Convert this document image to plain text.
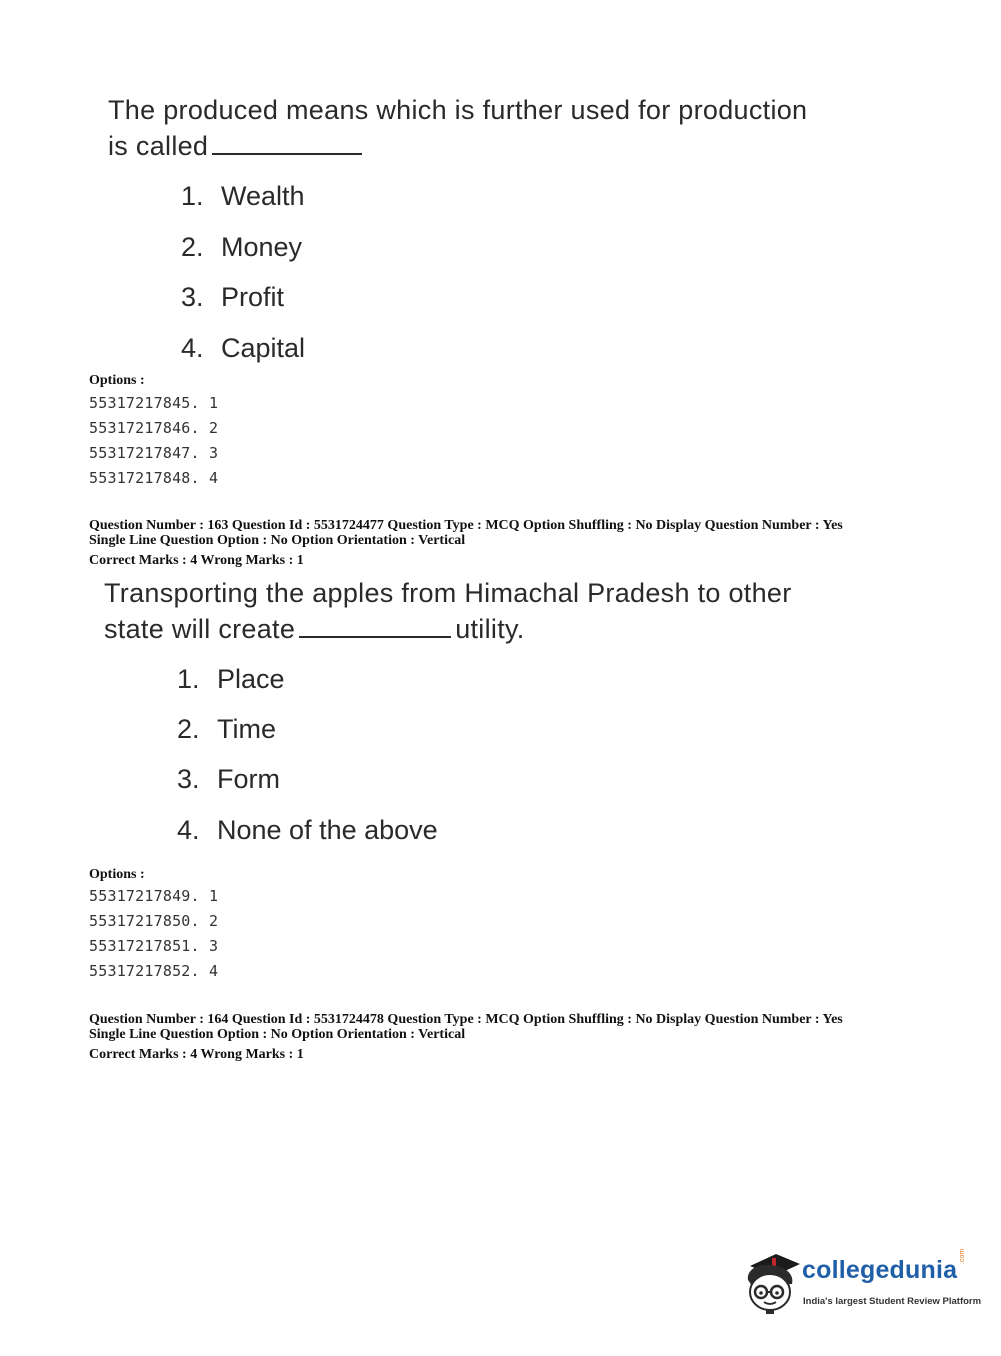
The produced means which is further used for production
is called
1. Wealth
2. Money
3. Profit
4. Capital
Options :
55317217845. 1
55317217846. 2
55317217847. 3
55317217848. 4
Question Number : 163 Question Id : 5531724477 Question Type : MCQ Option Shuffling : No Display Question Number : Yes
Single Line Question Option : No Option Orientation : Vertical
Correct Marks : 4 Wrong Marks : 1
Transporting the apples from Himachal Pradesh to other
state will create	utility.
1. Place
2. Time
3. Form
4. None of the above
Options :
55317217849. 1
55317217850. 2
55317217851. 3
55317217852. 4
Question Number : 164 Question Id : 5531724478 Question Type : MCQ Option Shuffling : No Display Question Number : Yes
Single Line Question Option : No Option Orientation : Vertical
Correct Marks : 4 Wrong Marks : 1
collegedunia .com
India's largest Student Review Platform
